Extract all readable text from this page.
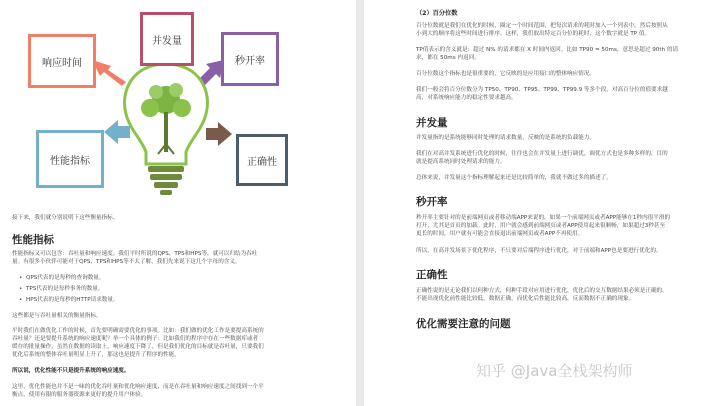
响应时间
并发量
秒开率
性能指标	正确性
接下来，我们就分别说明下这些衡量指标。
性能指标
性能指标又可以包含：吞吐量和响应速度。我们平时所说的QPS、TPS和HPS等，就可以归结为吞吐
量。有很多小伙伴可能对于QPS、TPS和HPS等不太了解，我们先来说下这几个字母的含义。
• QPS代表的是每秒的查询数量。
• TPS代表的是每秒事务的数量。
• HPS代表的是每秒的HTTP请求数量。
这些都是与吞吐量相关的衡量指标。
平时我们在做优化工作的时候，首先要明确需要优化的事项。比如：我们做的优化工作是要提高系统的
吞吐量？还是要提升系统的响应速度呢？举一个具体的例子：比如我们的程序中存在一些数据库或者
缓存的批量操作，虽然在数据的读取上，响应速度下降了，但是我们优化的目标就是吞吐量，只要我们
优化后系统的整体吞吐量明显上升了，那这也是提升了程序的性能。
所以说，优化性能不只是提升系统的响应速度。
这里，优化性能也并不是一味的优化吞吐量和优化响应速度，而是在吞吐量和响应速度之间找到一个平
衡点，使用有限的服务器资源来更好的提升用户体验。
（2）百分位数
百分位数就是我们在优化的时候，圈定一个时间范围，把每次请求的耗时加入一个列表中，然后按照从
小到大的顺序将这些时间进行排序。这样，我们取出特定百分位的耗时，这个数字就是 TP 值。
TP值表示的含义就是：超过 N% 的请求都在 X 时间内返回。比如 TP90 = 50ms，意思是超过 90th 的请
求，都在 50ms 内返回。
百分位数这个指标也是很重要的，它反映的是应用接口的整体响应情况。
我们一般会将百分位数分为 TP50、TP90、TP95、TP99、TP99.9 等多个段，对高百分位的值要求越
高，对系统响应能力的稳定性要求越高。
并发量
并发量指的是系统能够同时处理的请求数量，反映的是系统的负载能力。
我们在对高并发系统进行优化的时候，往往也会在并发量上进行调优，调优方式也是多种多样的，目的
就是提高系统同时处理请求的能力。
总体来说，并发量这个指标理解起来还是比较简单的，我就不做过多的描述了。
秒开率
秒开率主要针对的是前端网页或者移动端APP来说的，如果一个前端网页或者APP能够在1秒内很平滑的
打开，尤其是首页的加载。此时，用户就会感到前端网页或者APP使用起来很顺畅，如果超过3秒甚至
更长的时间，用户就有可能会直接退出前端网页或者APP不再使用。
所以，在高并发场景下优化程序，不只要对后端程序进行优化，对于前端和APP也是要进行优化的。
正确性
正确性说的是无论我们以何种方式，何种手段对应用进行优化，优化后的交互数据结果必须是正确的。
不能出现优化前性能比较低，数据正确，而优化后性能比较高，反而数据不正确的现象。
优化需要注意的问题
知乎 @Java全栈架构师
